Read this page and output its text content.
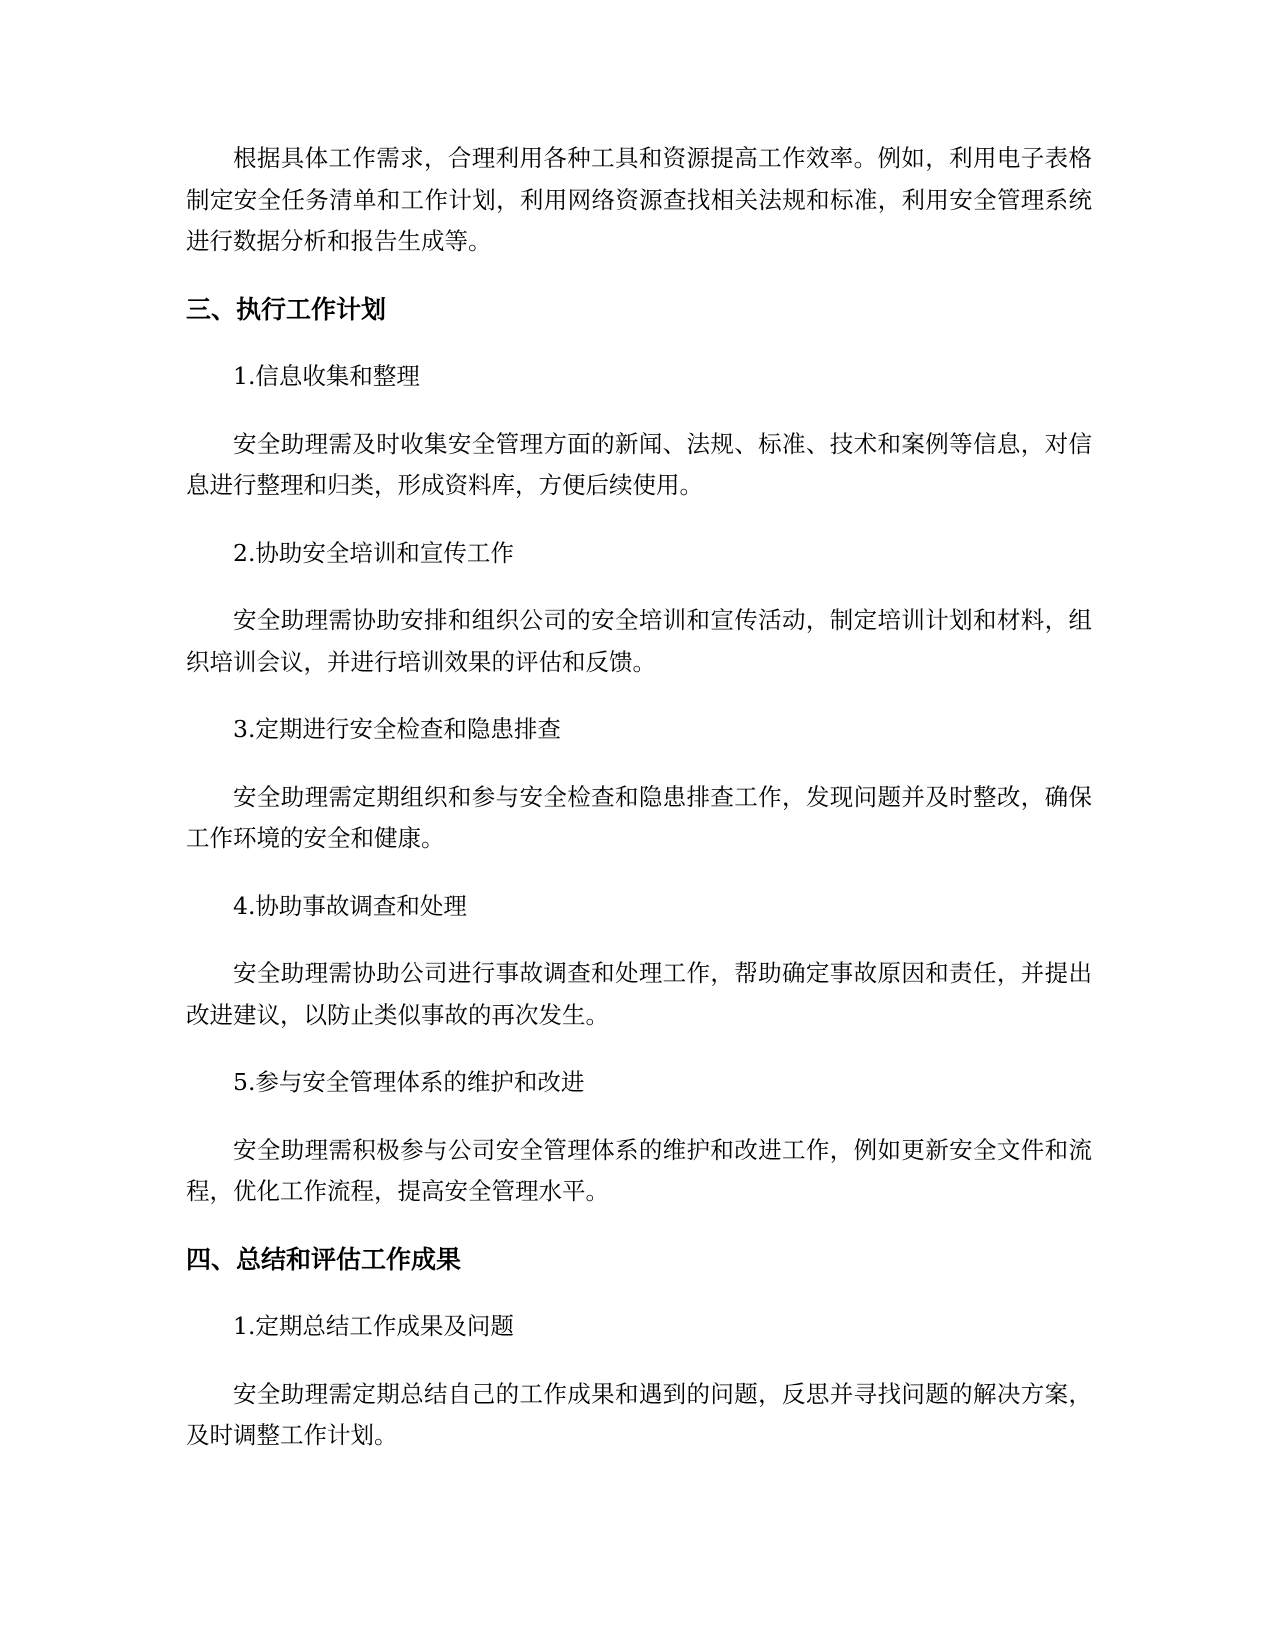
根据具体工作需求，合理利用各种工具和资源提高工作效率。例如，利用电子表格制定安全任务清单和工作计划，利用网络资源查找相关法规和标准，利用安全管理系统进行数据分析和报告生成等。

三、执行工作计划

1.信息收集和整理

安全助理需及时收集安全管理方面的新闻、法规、标准、技术和案例等信息，对信息进行整理和归类，形成资料库，方便后续使用。

2.协助安全培训和宣传工作

安全助理需协助安排和组织公司的安全培训和宣传活动，制定培训计划和材料，组织培训会议，并进行培训效果的评估和反馈。

3.定期进行安全检查和隐患排查

安全助理需定期组织和参与安全检查和隐患排查工作，发现问题并及时整改，确保工作环境的安全和健康。

4.协助事故调查和处理

安全助理需协助公司进行事故调查和处理工作，帮助确定事故原因和责任，并提出改进建议，以防止类似事故的再次发生。

5.参与安全管理体系的维护和改进

安全助理需积极参与公司安全管理体系的维护和改进工作，例如更新安全文件和流程，优化工作流程，提高安全管理水平。

四、总结和评估工作成果

1.定期总结工作成果及问题

安全助理需定期总结自己的工作成果和遇到的问题，反思并寻找问题的解决方案，及时调整工作计划。
